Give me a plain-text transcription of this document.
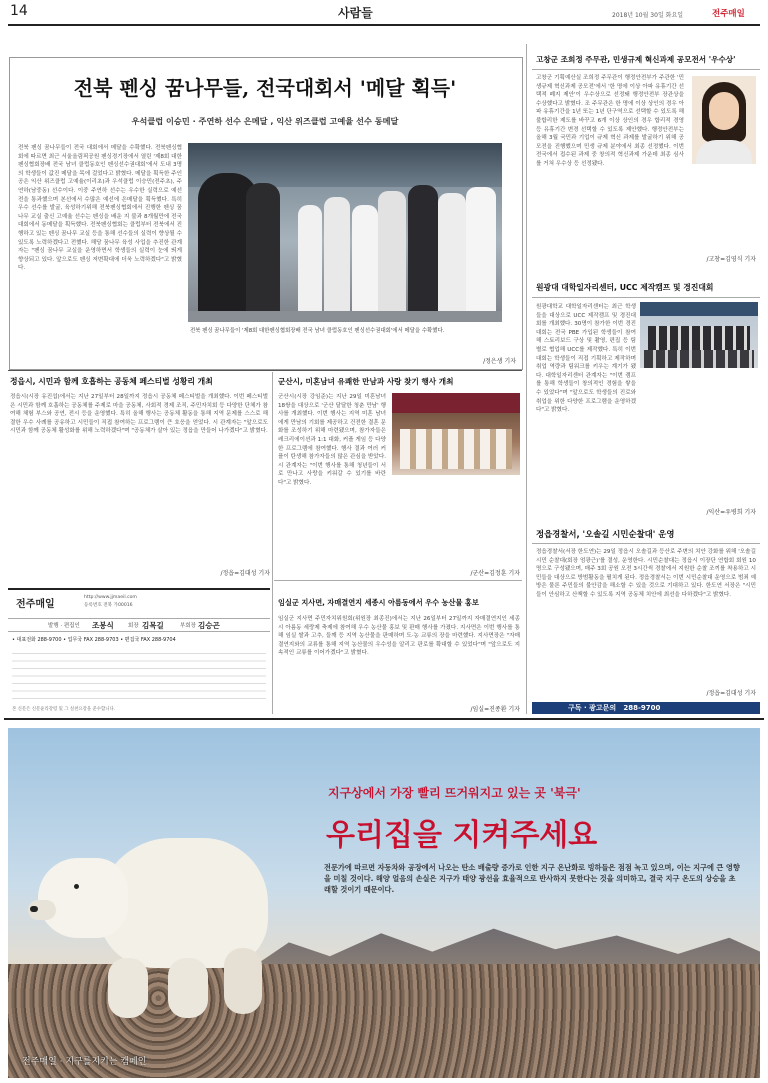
14	사람들	2018년 10월 30일 화요일	전주매일
전북 펜싱 꿈나무들, 전국대회서 '메달 획득'
우석클럽 이승민 · 주연하 선수 은메달 , 익산 위즈클럽 고예율 선수 동메달
전북 펜싱 꿈나무들이 전국 대회에서 메달을 수확했다. 전북펜싱협회에 따르면 최근 서울올림픽공원 펜싱경기장에서 열린 '제8회 대한펜싱협회장배 전국 남녀 클럽동호인 펜싱선수권대회'에서 도내 3명의 학생들이 값진 메달을 목에 걸었다고 밝혔다. 메달을 획득한 주인공은 익산 위즈클럽 고예율(이리초)과 우석클럽 이승민(전주초), 주연하(남중동) 선수이다. 이중 주연하 선수는 우수한 실력으로 예선전을 통과했으며 본선에서 수많은 예선에 은메달을 획득했다. 특히 우수 선수를 발굴, 육성하기위해 전북펜싱협회에서 진행한 펜싱 꿈나무 교실 출신 고예율 선수는 펜싱을 배운 지 불과 8개월만에 전국대회에서 동메달을 획득했다. 전북펜싱협회는 클럽부터 전북에서 진행하고 있는 펜싱 꿈나무 교실 등을 통해 선수들의 실력이 향상될 수 있도록 노력하겠다고 전했다. 해당 꿈나무 육성 사업을 추진한 관계자는 "펜싱 꿈나무 교실을 운영하면서 학생들의 실력이 눈에 띄게 향상되고 있다. 앞으로도 펜싱 저변확대에 더욱 노력하겠다"고 밝혔다.
전북 펜싱 꿈나무들이 '제8회 대한펜싱협회장배 전국 남녀 클럽동호인 펜싱선수권대회'에서 메달을 수확했다.
/정은생 기자
고창군 조희정 주무관, 민생규제 혁신과제 공모전서 '우수상'
고창군 기획예산실 조희정 주무관이 행정안전부가 주관한 '민생규제 혁신과제 공모전'에서 '한 명에 이상 아파 유휴기간 선택적 폐지 제안'이 우수상으로 선정돼 행정안전부 장관상을 수상했다고 밝혔다. 조 주무관은 한 명에 이상 상인의 경우 아파 유휴기간을 1년 또는 1년 단구역으로 선택할 수 있도록 해 불합리한 제도를 바꾸고 6개 이상 상인의 경우 합리적 경영 등 유휴기간 변경 선택할 수 있도록 제안했다. 행정안전부는 올해 3월 국민과 기업이 규제 혁신 과제를 발굴하기 위해 공모전을 진행했으며 민생 규제 분야에서 최종 선정했다. 이번 전국에서 접수된 과제 중 창의적 혁신과제 가운데 최종 심사를 거쳐 우수상 등 선정됐다.
/고창=김영식 기자
원광대 대학일자리센터, UCC 제작캠프 및 경진대회
원광대학교 대학일자리센터는 최근 학생들을 대상으로 UCC 제작캠프 및 경진대회를 개최했다. 30명이 참가한 이번 경진대회는 전국 PBE 가입된 학생들이 참여해 스토리보드 구상 및 촬영, 편집 등 팀별로 협업해 UCC를 제작했다. 특히 이번 대회는 학생들이 직접 기획하고 제작하며 취업 역량과 팀워크를 키우는 계기가 됐다. 대학일자리센터 관계자는 "이번 캠프를 통해 학생들이 창의적인 경험을 쌓을 수 있었다"며 "앞으로도 학생들의 진로와 취업을 위한 다양한 프로그램을 운영하겠다"고 밝혔다.
/익산=우병희 기자
정읍경찰서, '오솔길 시민순찰대' 운영
정읍경찰서(서장 한도연)는 29일 정읍시 오솔길과 등산로 주변의 치안 강화를 위해 '오솔길 시민 순찰대(회장 엄광근)'를 결성, 운영한다. 시민순찰대는 정읍시 이장단 연합회 회원 10명으로 구성됐으며, 매주 3회 공원 오전 3시간씩 경찰에서 지원한 순찰 조끼를 착용하고 시민들을 대상으로 방범활동을 펼치게 된다. 정읍경찰서는 이번 시민순찰대 운영으로 범죄 예방은 물론 주민들의 불안감을 해소할 수 있을 것으로 기대하고 있다. 한도연 서장은 "시민들이 안심하고 산책할 수 있도록 지역 공동체 치안에 최선을 다하겠다"고 밝혔다.
/정읍=김대성 기자
구독 · 광고문의   288-9700
정읍시, 시민과 함께 호흡하는 공동체 페스티벌 성황리 개최
정읍시(시장 유진섭)에서는 지난 27일부터 28일까지 정읍시 공동체 페스티벌을 개최했다. 이번 페스티벌은 시민과 함께 호흡하는 공동체를 주제로 마을 공동체, 사회적 경제 조직, 주민자치회 등 다양한 단체가 참여해 체험 부스와 공연, 전시 등을 운영했다. 특히 올해 행사는 공동체 활동을 통해 지역 문제를 스스로 해결한 우수 사례를 공유하고 시민들이 직접 참여하는 프로그램이 큰 호응을 얻었다. 시 관계자는 "앞으로도 시민과 함께 공동체 활성화를 위해 노력하겠다"며 "공동체가 살아 있는 정읍을 만들어 나가겠다"고 밝혔다.
/정읍=김대성 기자
전주매일
http://www.jjmaeil.com
등록번호 전북 가00016
발행 · 편집인 조봉식	회장 김목길	부회장 김승곤
• 대표전화 288-9700 • 업무국 FAX 288-9703 • 편집국 FAX 288-9704
본 신문은 신문윤리강령 및 그 실천요강을 준수합니다.
군산시, 미혼남녀 유쾌한 만남과 사랑 찾기 행사 개최
군산시(시장 강임준)는 지난 29일 미혼남녀 18쌍을 대상으로 '군산 달달한 청춘 만남' 행사를 개최했다. 이번 행사는 지역 미혼 남녀에게 만남의 기회를 제공하고 건전한 결혼 문화를 조성하기 위해 마련됐으며, 참가자들은 레크리에이션과 1:1 대화, 커플 게임 등 다양한 프로그램에 참여했다. 행사 결과 여러 커플이 탄생해 참가자들의 많은 관심을 받았다. 시 관계자는 "이번 행사를 통해 청년들이 서로 만나고 사랑을 키워갈 수 있기를 바란다"고 밝혔다.
/군산=김정훈 기자
임실군 지사면, 자매결연지 세종시 아름동에서 우수 농산물 홍보
임실군 지사면 주민자치위원회(위원장 최종진)에서는 지난 26일부터 27일까지 자매결연지인 세종시 아름동 세랑제 축제에 참여해 우수 농산물 홍보 및 판매 행사를 가졌다. 지사면은 이번 행사를 통해 임실 쌀과 고추, 들깨 등 지역 농산물을 판매하며 도·농 교류의 장을 마련했다. 지사면장은 "자매결연지와의 교류를 통해 지역 농산물의 우수성을 알리고 판로를 확대할 수 있었다"며 "앞으로도 지속적인 교류를 이어가겠다"고 밝혔다.
/임실=진종환 기자
지구상에서 가장 빨리 뜨거워지고 있는 곳 '북극'
우리집을 지켜주세요
전문가에 따르면 자동차와 공장에서 나오는 탄소 배출량 증가로 인한 지구 온난화로 빙하들은 점점 녹고 있으며, 이는 지구에 큰 영향을 미칠 것이다. 해양 얼음의 손실은 지구가 태양 광선을 효율적으로 반사하지 못한다는 것을 의미하고, 결국 지구 온도의 상승을 초래할 것이기 때문이다.
전주매일 · 지구를지키는 캠페인
